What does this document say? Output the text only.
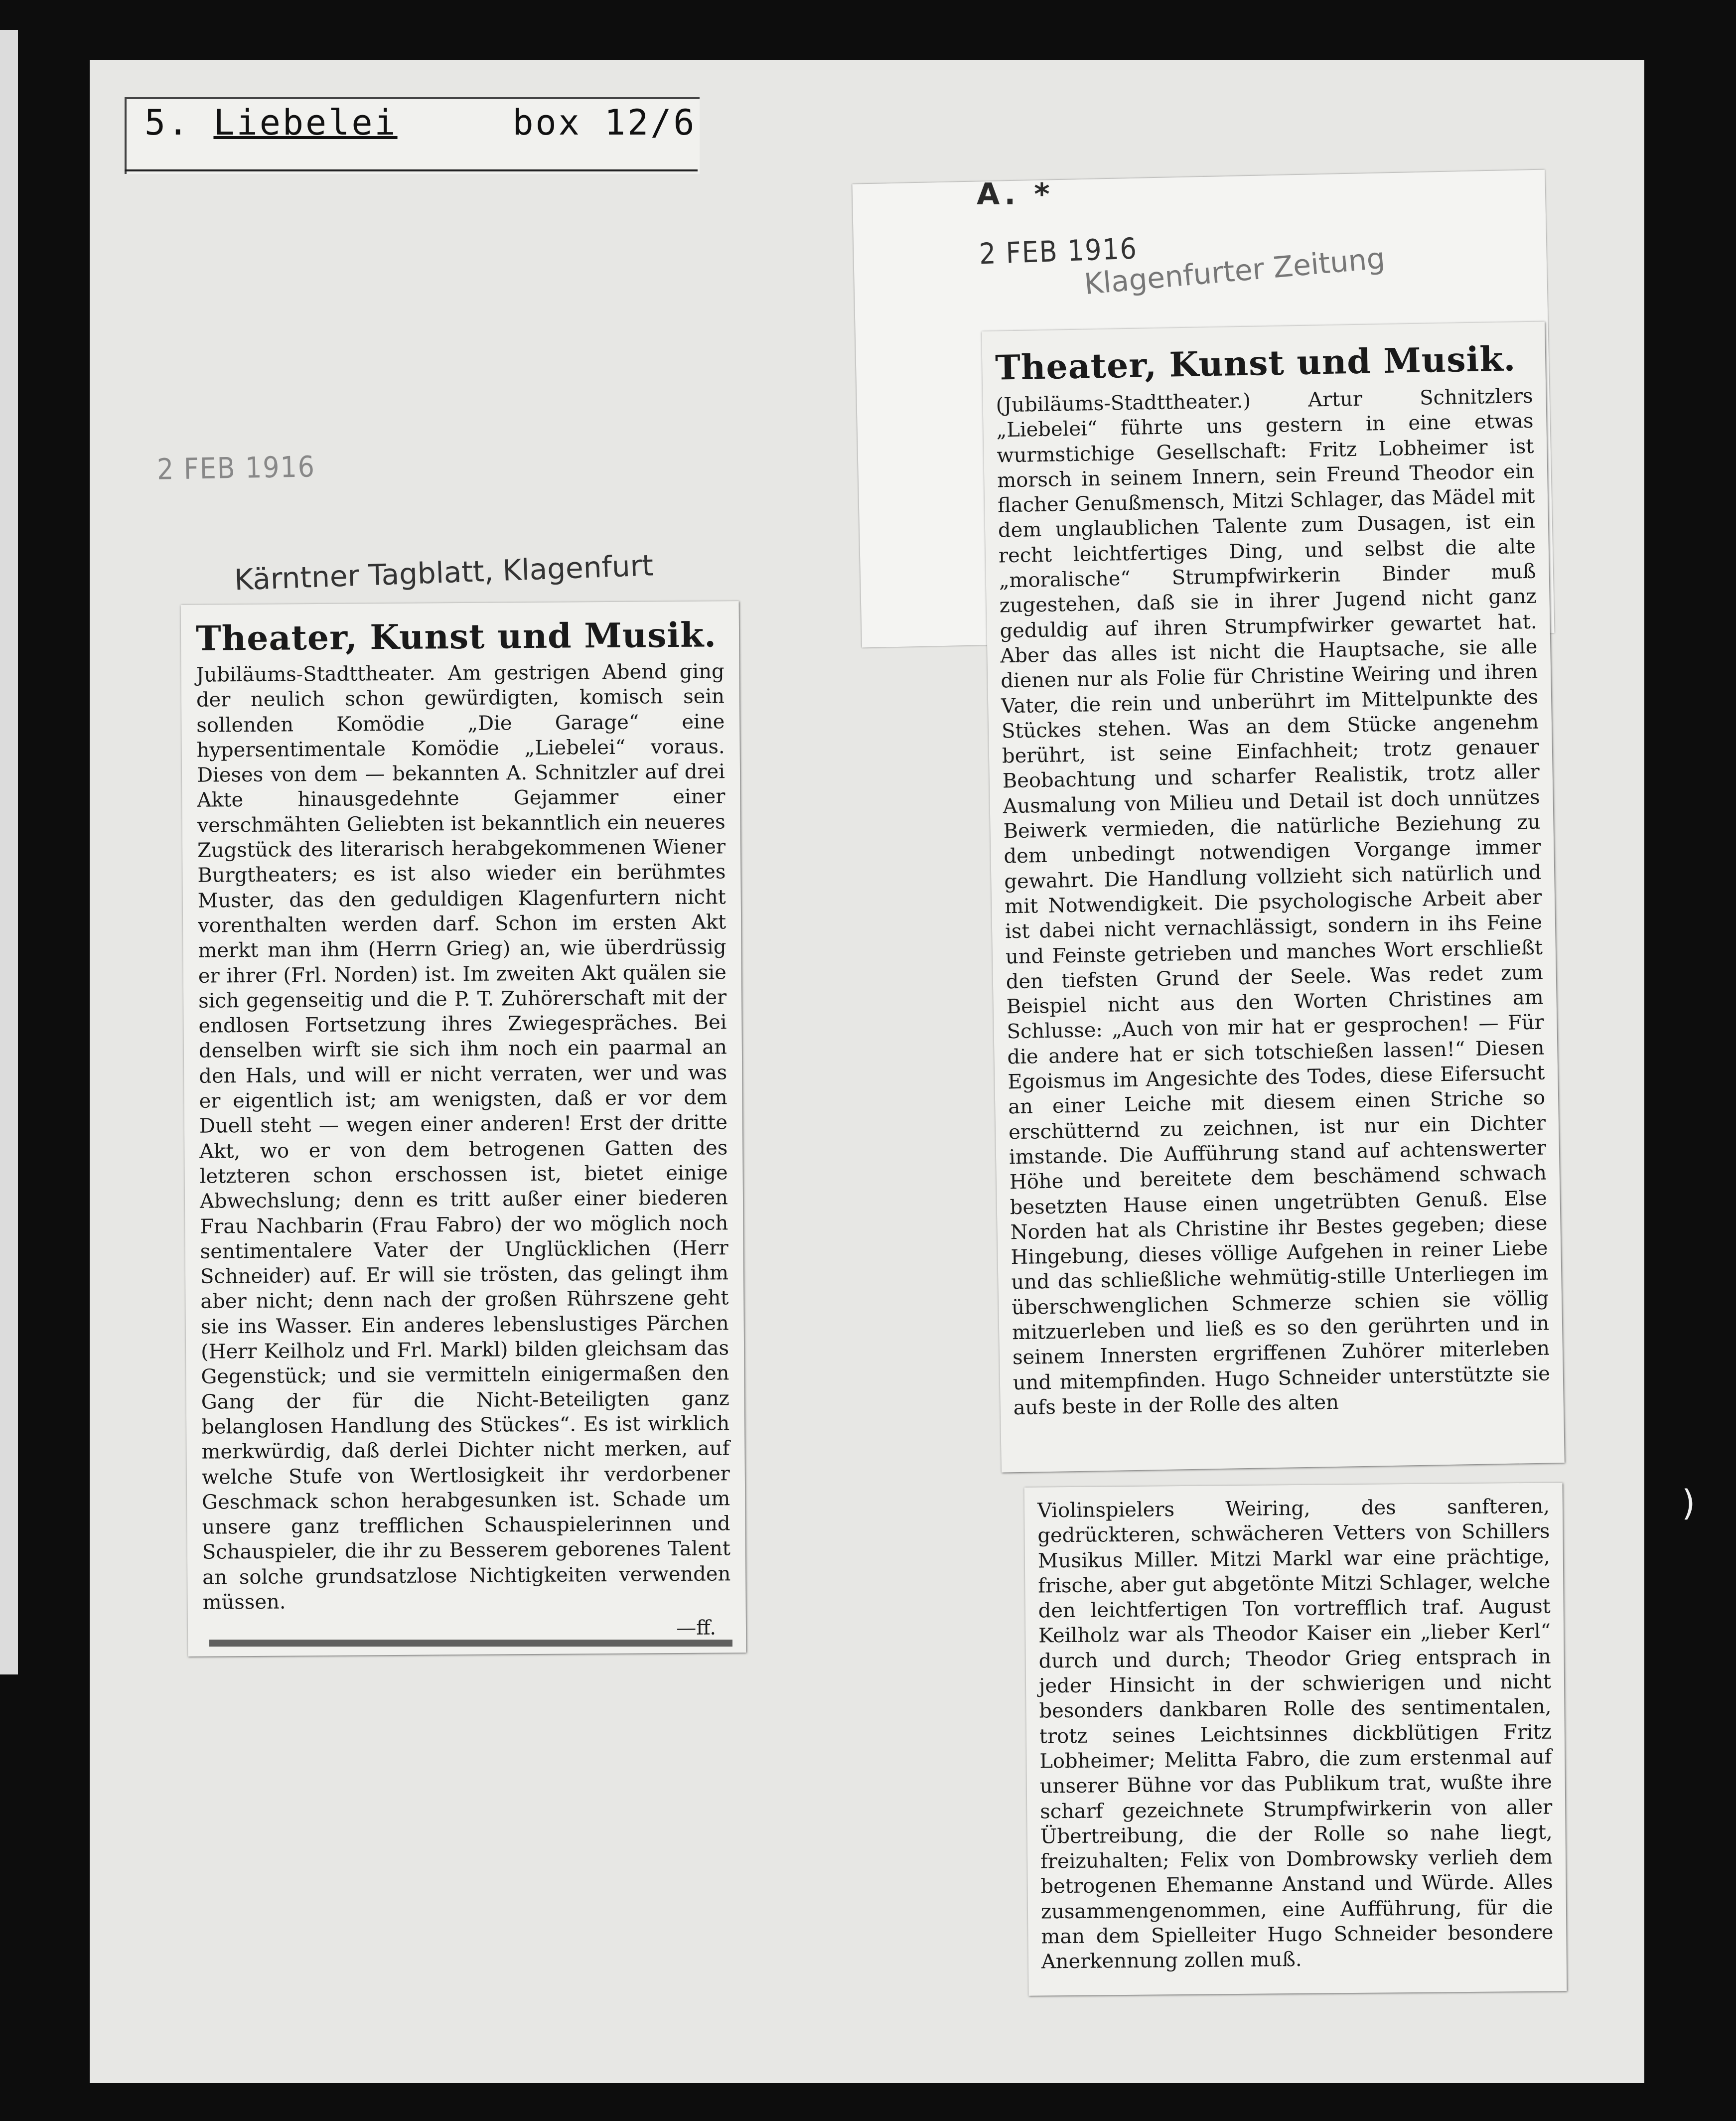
5. Liebelei	box 12/6
A. *
2 FEB 1916
Klagenfurter Zeitung
2 FEB 1916
Kärntner Tagblatt, Klagenfurt
Theater, Kunst und Musik.

Jubiläums-Stadttheater. Am gestrigen Abend ging der neulich schon gewürdigten, komisch sein sollenden Komödie „Die Garage“ eine hypersentimentale Komödie „Liebelei“ voraus. Dieses von dem — bekannten A. Schnitzler auf drei Akte hinausgedehnte Gejammer einer verschmähten Geliebten ist bekanntlich ein neueres Zugstück des literarisch herabgekommenen Wiener Burgtheaters; es ist also wieder ein berühmtes Muster, das den geduldigen Klagenfurtern nicht vorenthalten werden darf. Schon im ersten Akt merkt man ihm (Herrn Grieg) an, wie überdrüssig er ihrer (Frl. Norden) ist. Im zweiten Akt quälen sie sich gegenseitig und die P. T. Zuhörerschaft mit der endlosen Fortsetzung ihres Zwiegespräches. Bei denselben wirft sie sich ihm noch ein paarmal an den Hals, und will er nicht verraten, wer und was er eigentlich ist; am wenigsten, daß er vor dem Duell steht — wegen einer anderen! Erst der dritte Akt, wo er von dem betrogenen Gatten des letzteren schon erschossen ist, bietet einige Abwechslung; denn es tritt außer einer biederen Frau Nachbarin (Frau Fabro) der wo möglich noch sentimentalere Vater der Unglücklichen (Herr Schneider) auf. Er will sie trösten, das gelingt ihm aber nicht; denn nach der großen Rührszene geht sie ins Wasser. Ein anderes lebenslustiges Pärchen (Herr Keilholz und Frl. Markl) bilden gleichsam das Gegenstück; und sie vermitteln einigermaßen den Gang der für die Nicht-Beteiligten ganz belanglosen Handlung des Stückes“. Es ist wirklich merkwürdig, daß derlei Dichter nicht merken, auf welche Stufe von Wertlosigkeit ihr verdorbener Geschmack schon herabgesunken ist. Schade um unsere ganz trefflichen Schauspielerinnen und Schauspieler, die ihr zu Besserem geborenes Talent an solche grundsatzlose Nichtigkeiten verwenden müssen.

—ff.
Theater, Kunst und Musik.

(Jubiläums-Stadttheater.) Artur Schnitzlers „Liebelei“ führte uns gestern in eine etwas wurmstichige Gesellschaft: Fritz Lobheimer ist morsch in seinem Innern, sein Freund Theodor ein flacher Genußmensch, Mitzi Schlager, das Mädel mit dem unglaublichen Talente zum Dusagen, ist ein recht leichtfertiges Ding, und selbst die alte „moralische“ Strumpfwirkerin Binder muß zugestehen, daß sie in ihrer Jugend nicht ganz geduldig auf ihren Strumpfwirker gewartet hat. Aber das alles ist nicht die Hauptsache, sie alle dienen nur als Folie für Christine Weiring und ihren Vater, die rein und unberührt im Mittelpunkte des Stückes stehen. Was an dem Stücke angenehm berührt, ist seine Einfachheit; trotz genauer Beobachtung und scharfer Realistik, trotz aller Ausmalung von Milieu und Detail ist doch unnützes Beiwerk vermieden, die natürliche Beziehung zu dem unbedingt notwendigen Vorgange immer gewahrt. Die Handlung vollzieht sich natürlich und mit Notwendigkeit. Die psychologische Arbeit aber ist dabei nicht vernachlässigt, sondern in ihs Feine und Feinste getrieben und manches Wort erschließt den tiefsten Grund der Seele. Was redet zum Beispiel nicht aus den Worten Christines am Schlusse: „Auch von mir hat er gesprochen! — Für die andere hat er sich totschießen lassen!“ Diesen Egoismus im Angesichte des Todes, diese Eifersucht an einer Leiche mit diesem einen Striche so erschütternd zu zeichnen, ist nur ein Dichter imstande. Die Aufführung stand auf achtenswerter Höhe und bereitete dem beschämend schwach besetzten Hause einen ungetrübten Genuß. Else Norden hat als Christine ihr Bestes gegeben; diese Hingebung, dieses völlige Aufgehen in reiner Liebe und das schließliche wehmütig-stille Unterliegen im überschwenglichen Schmerze schien sie völlig mitzuerleben und ließ es so den gerührten und in seinem Innersten ergriffenen Zuhörer miterleben und mitempfinden. Hugo Schneider unterstützte sie aufs beste in der Rolle des alten

Violinspielers Weiring, des sanfteren, gedrückteren, schwächeren Vetters von Schillers Musikus Miller. Mitzi Markl war eine prächtige, frische, aber gut abgetönte Mitzi Schlager, welche den leichtfertigen Ton vortrefflich traf. August Keilholz war als Theodor Kaiser ein „lieber Kerl“ durch und durch; Theodor Grieg entsprach in jeder Hinsicht in der schwierigen und nicht besonders dankbaren Rolle des sentimentalen, trotz seines Leichtsinnes dickblütigen Fritz Lobheimer; Melitta Fabro, die zum erstenmal auf unserer Bühne vor das Publikum trat, wußte ihre scharf gezeichnete Strumpfwirkerin von aller Übertreibung, die der Rolle so nahe liegt, freizuhalten; Felix von Dombrowsky verlieh dem betrogenen Ehemanne Anstand und Würde. Alles zusammengenommen, eine Aufführung, für die man dem Spielleiter Hugo Schneider besondere Anerkennung zollen muß.

)
